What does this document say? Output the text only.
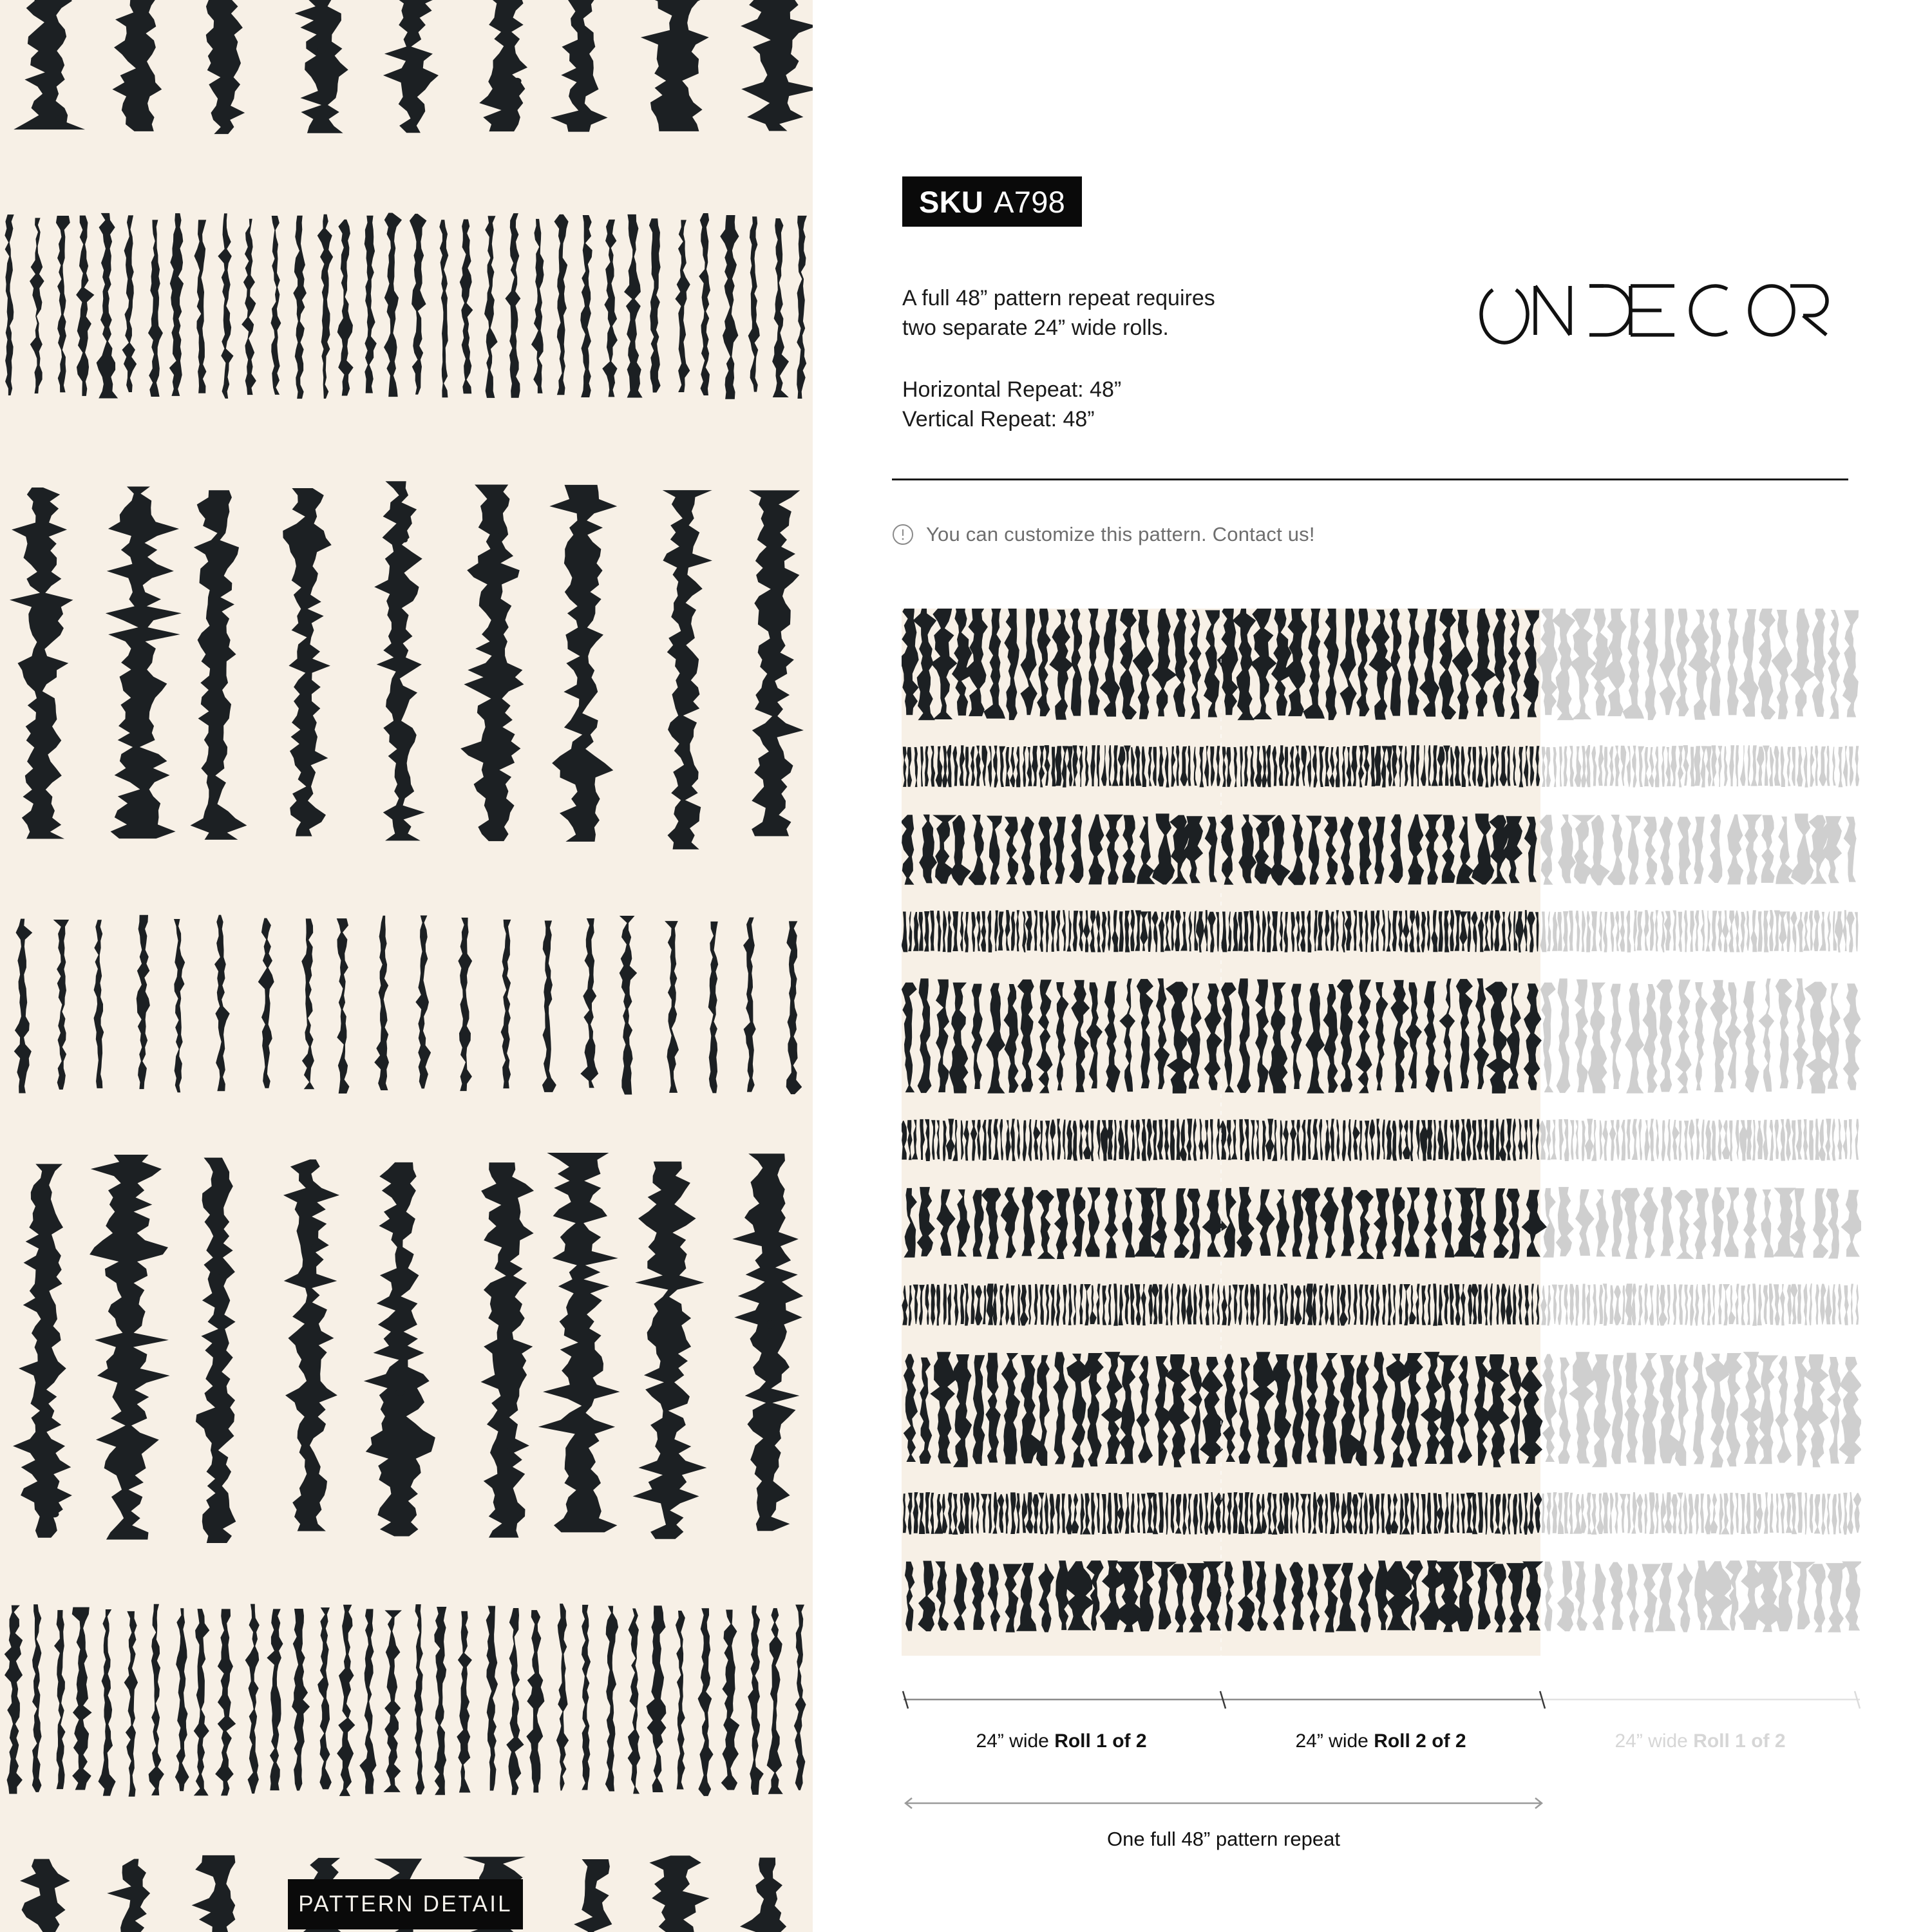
PATTERN DETAIL
SKU A798
A full 48” pattern repeat requires
two separate 24” wide rolls.
Horizontal Repeat: 48”
Vertical Repeat: 48”
You can customize this pattern. Contact us!
24” wide Roll 1 of 2	24” wide Roll 2 of 2	24” wide Roll 1 of 2
One full 48” pattern repeat
